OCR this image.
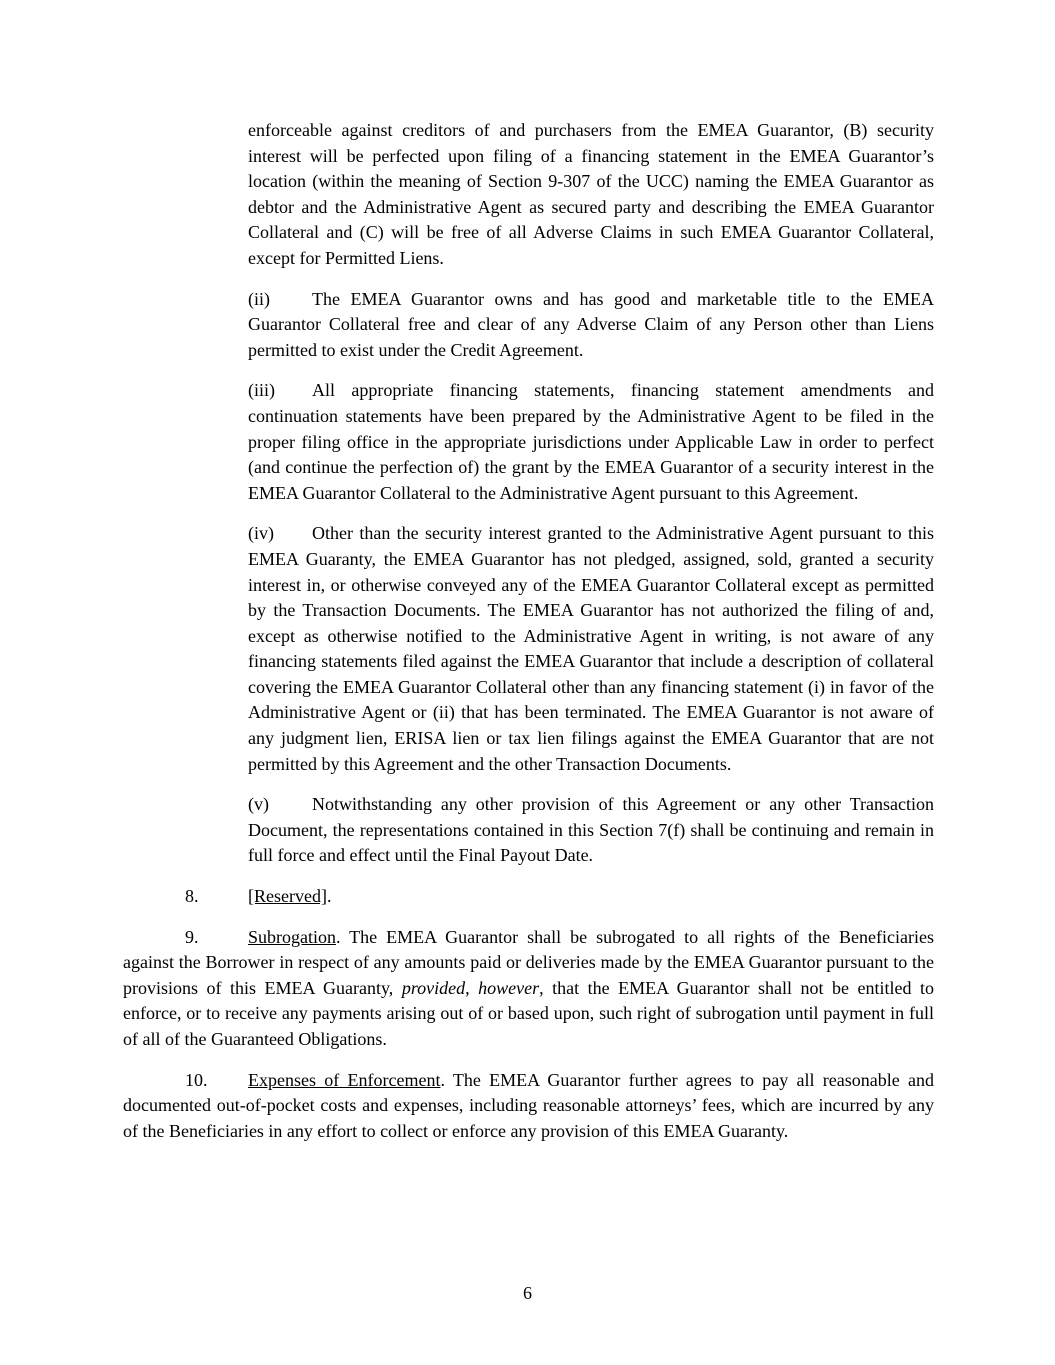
enforceable against creditors of and purchasers from the EMEA Guarantor, (B) security interest will be perfected upon filing of a financing statement in the EMEA Guarantor’s location (within the meaning of Section 9-307 of the UCC) naming the EMEA Guarantor as debtor and the Administrative Agent as secured party and describing the EMEA Guarantor Collateral and (C) will be free of all Adverse Claims in such EMEA Guarantor Collateral, except for Permitted Liens.

(ii) The EMEA Guarantor owns and has good and marketable title to the EMEA Guarantor Collateral free and clear of any Adverse Claim of any Person other than Liens permitted to exist under the Credit Agreement.

(iii) All appropriate financing statements, financing statement amendments and continuation statements have been prepared by the Administrative Agent to be filed in the proper filing office in the appropriate jurisdictions under Applicable Law in order to perfect (and continue the perfection of) the grant by the EMEA Guarantor of a security interest in the EMEA Guarantor Collateral to the Administrative Agent pursuant to this Agreement.

(iv) Other than the security interest granted to the Administrative Agent pursuant to this EMEA Guaranty, the EMEA Guarantor has not pledged, assigned, sold, granted a security interest in, or otherwise conveyed any of the EMEA Guarantor Collateral except as permitted by the Transaction Documents. The EMEA Guarantor has not authorized the filing of and, except as otherwise notified to the Administrative Agent in writing, is not aware of any financing statements filed against the EMEA Guarantor that include a description of collateral covering the EMEA Guarantor Collateral other than any financing statement (i) in favor of the Administrative Agent or (ii) that has been terminated. The EMEA Guarantor is not aware of any judgment lien, ERISA lien or tax lien filings against the EMEA Guarantor that are not permitted by this Agreement and the other Transaction Documents.

(v) Notwithstanding any other provision of this Agreement or any other Transaction Document, the representations contained in this Section 7(f) shall be continuing and remain in full force and effect until the Final Payout Date.

8.	[Reserved].

9.	Subrogation. The EMEA Guarantor shall be subrogated to all rights of the Beneficiaries against the Borrower in respect of any amounts paid or deliveries made by the EMEA Guarantor pursuant to the provisions of this EMEA Guaranty, provided, however, that the EMEA Guarantor shall not be entitled to enforce, or to receive any payments arising out of or based upon, such right of subrogation until payment in full of all of the Guaranteed Obligations.

10. Expenses of Enforcement. The EMEA Guarantor further agrees to pay all reasonable and documented out-of-pocket costs and expenses, including reasonable attorneys’ fees, which are incurred by any of the Beneficiaries in any effort to collect or enforce any provision of this EMEA Guaranty.

6
